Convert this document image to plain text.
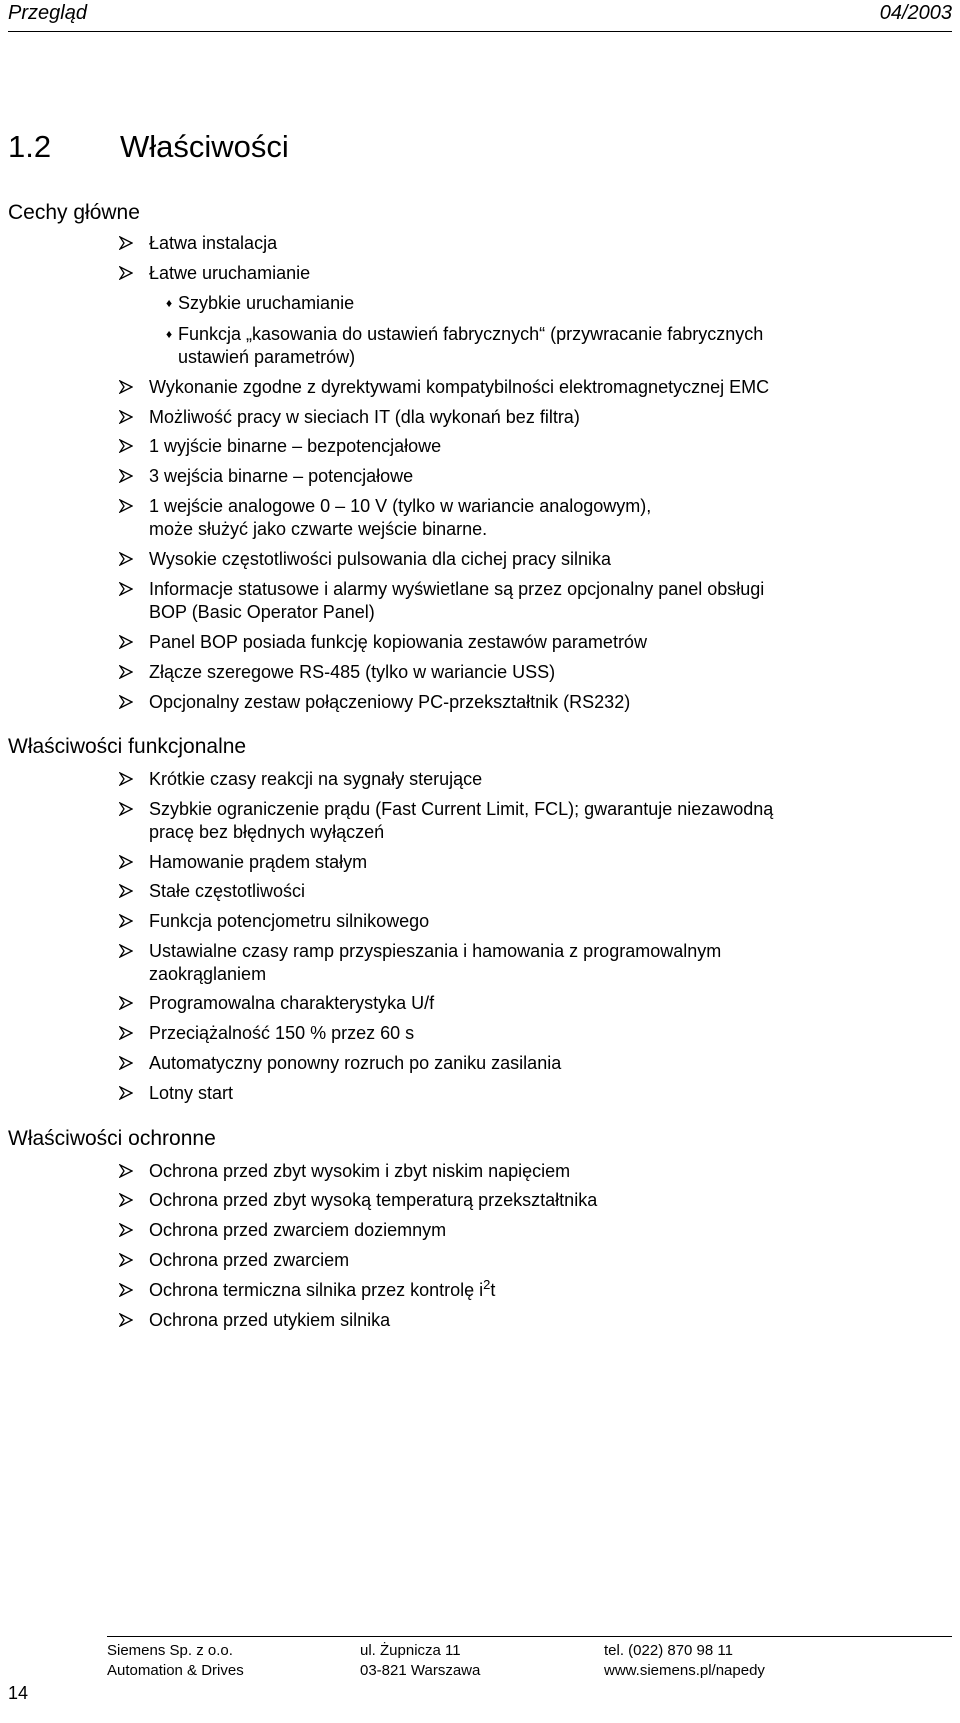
Przegląd	04/2003
1.2 Właściwości
Cechy główne
Łatwa instalacja
Łatwe uruchamianie
♦ Szybkie uruchamianie
♦ Funkcja „kasowania do ustawień fabrycznych“ (przywracanie fabrycznych
ustawień parametrów)
Wykonanie zgodne z dyrektywami kompatybilności elektromagnetycznej EMC
Możliwość pracy w sieciach IT (dla wykonań bez filtra)
1 wyjście binarne – bezpotencjałowe
3 wejścia binarne – potencjałowe
1 wejście analogowe 0 – 10 V (tylko w wariancie analogowym),
może służyć jako czwarte wejście binarne.
Wysokie częstotliwości pulsowania dla cichej pracy silnika
Informacje statusowe i alarmy wyświetlane są przez opcjonalny panel obsługi
BOP (Basic Operator Panel)
Panel BOP posiada funkcję kopiowania zestawów parametrów
Złącze szeregowe RS-485 (tylko w wariancie USS)
Opcjonalny zestaw połączeniowy PC-przekształtnik (RS232)
Właściwości funkcjonalne
Krótkie czasy reakcji na sygnały sterujące
Szybkie ograniczenie prądu (Fast Current Limit, FCL); gwarantuje niezawodną
pracę bez błędnych wyłączeń
Hamowanie prądem stałym
Stałe częstotliwości
Funkcja potencjometru silnikowego
Ustawialne czasy ramp przyspieszania i hamowania z programowalnym
zaokrąglaniem
Programowalna charakterystyka U/f
Przeciążalność 150 % przez 60 s
Automatyczny ponowny rozruch po zaniku zasilania
Lotny start
Właściwości ochronne
Ochrona przed zbyt wysokim i zbyt niskim napięciem
Ochrona przed zbyt wysoką temperaturą przekształtnika
Ochrona przed zwarciem doziemnym
Ochrona przed zwarciem
Ochrona termiczna silnika przez kontrolę $i^2t$
Ochrona przed utykiem silnika
14
Siemens Sp. z o.o.
Automation & Drives
ul. Żupnicza 11
03-821 Warszawa
tel. (022) 870 98 11
www.siemens.pl/napedy
